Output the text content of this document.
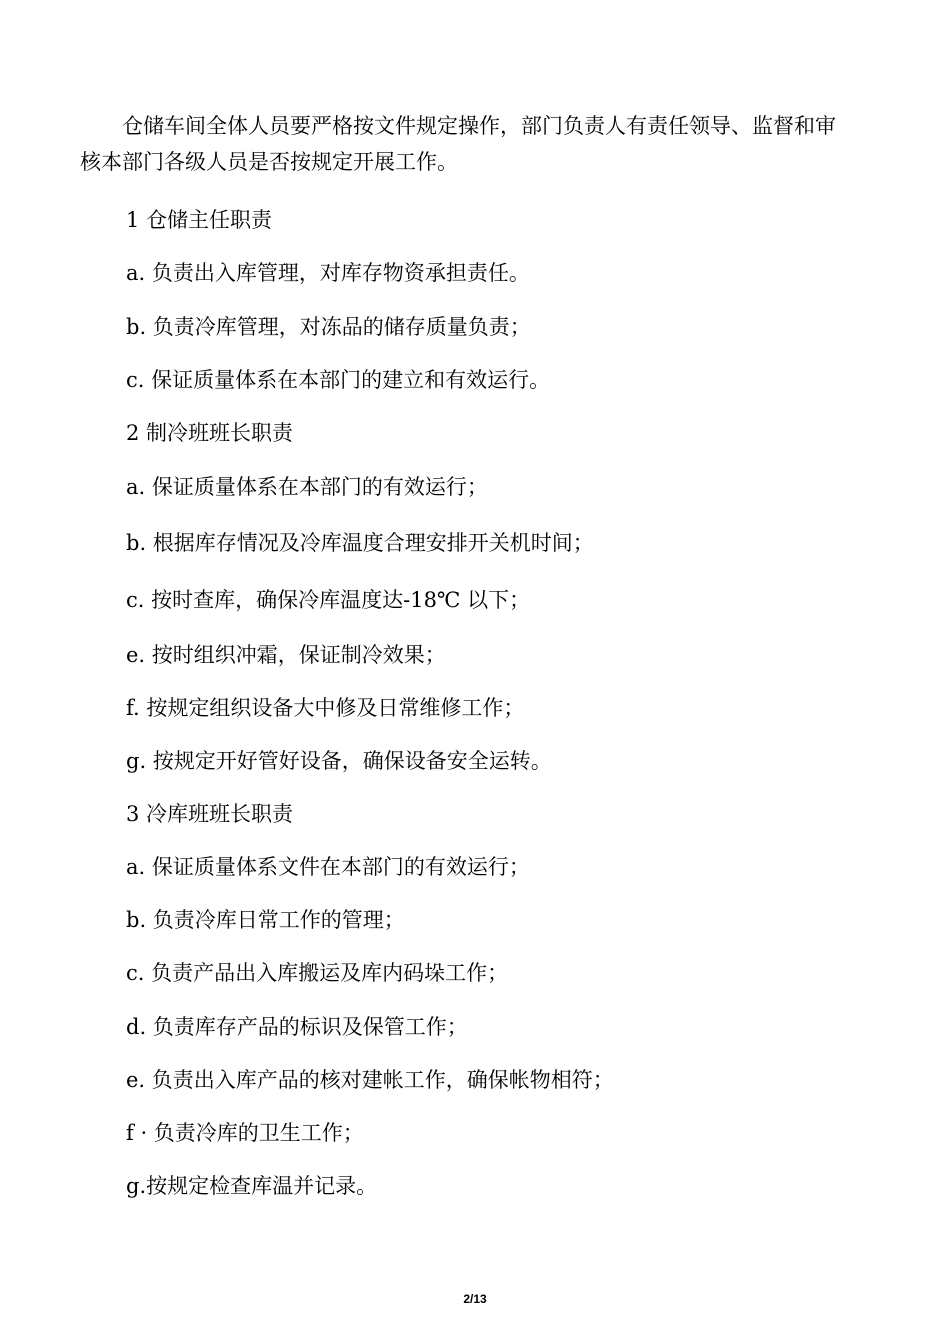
仓储车间全体人员要严格按文件规定操作，部门负责人有责任领导、监督和审核本部门各级人员是否按规定开展工作。

1 仓储主任职责

a. 负责出入库管理，对库存物资承担责任。

b. 负责冷库管理，对冻品的储存质量负责；

c. 保证质量体系在本部门的建立和有效运行。

2 制冷班班长职责

a. 保证质量体系在本部门的有效运行；

b. 根据库存情况及冷库温度合理安排开关机时间；

c. 按时查库，确保冷库温度达-18℃ 以下；

e. 按时组织冲霜，保证制冷效果；

f. 按规定组织设备大中修及日常维修工作；

g. 按规定开好管好设备，确保设备安全运转。

3 冷库班班长职责

a. 保证质量体系文件在本部门的有效运行；

b. 负责冷库日常工作的管理；

c. 负责产品出入库搬运及库内码垛工作；

d. 负责库存产品的标识及保管工作；

e. 负责出入库产品的核对建帐工作，确保帐物相符；

f · 负责冷库的卫生工作；

g.按规定检查库温并记录。

2/13
